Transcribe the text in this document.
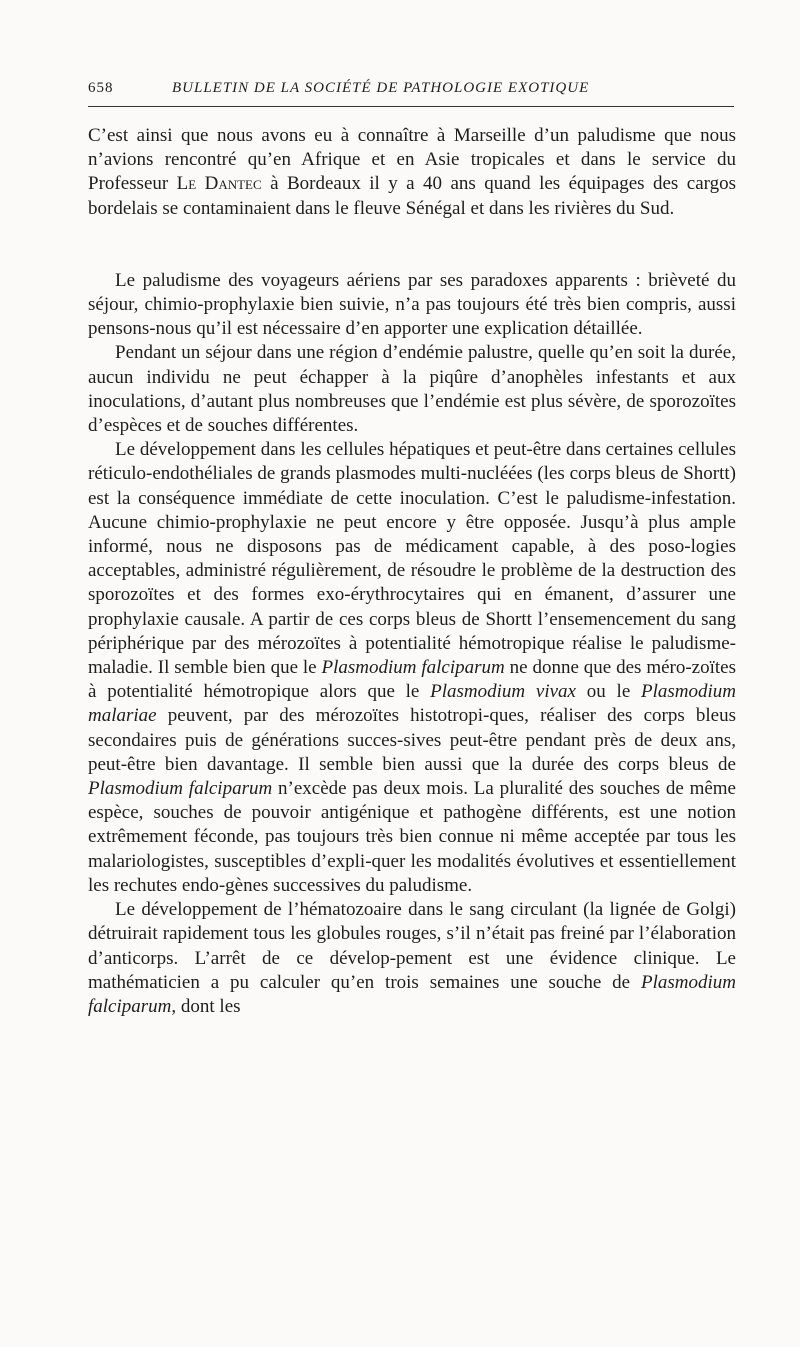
658	BULLETIN DE LA SOCIÉTÉ DE PATHOLOGIE EXOTIQUE

C’est ainsi que nous avons eu à connaître à Marseille d’un paludisme que nous n’avions rencontré qu’en Afrique et en Asie tropicales et dans le service du Professeur Le Dantec à Bordeaux il y a 40 ans quand les équipages des cargos bordelais se contaminaient dans le fleuve Sénégal et dans les rivières du Sud.

Le paludisme des voyageurs aériens par ses paradoxes apparents : brièveté du séjour, chimio-prophylaxie bien suivie, n’a pas toujours été très bien compris, aussi pensons-nous qu’il est nécessaire d’en apporter une explication détaillée.

Pendant un séjour dans une région d’endémie palustre, quelle qu’en soit la durée, aucun individu ne peut échapper à la piqûre d’anophèles infestants et aux inoculations, d’autant plus nombreuses que l’endémie est plus sévère, de sporozoïtes d’espèces et de souches différentes.

Le développement dans les cellules hépatiques et peut-être dans certaines cellules réticulo-endothéliales de grands plasmodes multi-nucléées (les corps bleus de Shortt) est la conséquence immédiate de cette inoculation. C’est le paludisme-infestation. Aucune chimio-prophylaxie ne peut encore y être opposée. Jusqu’à plus ample informé, nous ne disposons pas de médicament capable, à des poso-logies acceptables, administré régulièrement, de résoudre le problème de la destruction des sporozoïtes et des formes exo-érythrocytaires qui en émanent, d’assurer une prophylaxie causale. A partir de ces corps bleus de Shortt l’ensemencement du sang périphérique par des mérozoïtes à potentialité hémotropique réalise le paludisme-maladie. Il semble bien que le Plasmodium falciparum ne donne que des méro-zoïtes à potentialité hémotropique alors que le Plasmodium vivax ou le Plasmodium malariae peuvent, par des mérozoïtes histotropi-ques, réaliser des corps bleus secondaires puis de générations succes-sives peut-être pendant près de deux ans, peut-être bien davantage. Il semble bien aussi que la durée des corps bleus de Plasmodium falciparum n’excède pas deux mois. La pluralité des souches de même espèce, souches de pouvoir antigénique et pathogène différents, est une notion extrêmement féconde, pas toujours très bien connue ni même acceptée par tous les malariologistes, susceptibles d’expli-quer les modalités évolutives et essentiellement les rechutes endo-gènes successives du paludisme.

Le développement de l’hématozoaire dans le sang circulant (la lignée de Golgi) détruirait rapidement tous les globules rouges, s’il n’était pas freiné par l’élaboration d’anticorps. L’arrêt de ce dévelop-pement est une évidence clinique. Le mathématicien a pu calculer qu’en trois semaines une souche de Plasmodium falciparum, dont les
